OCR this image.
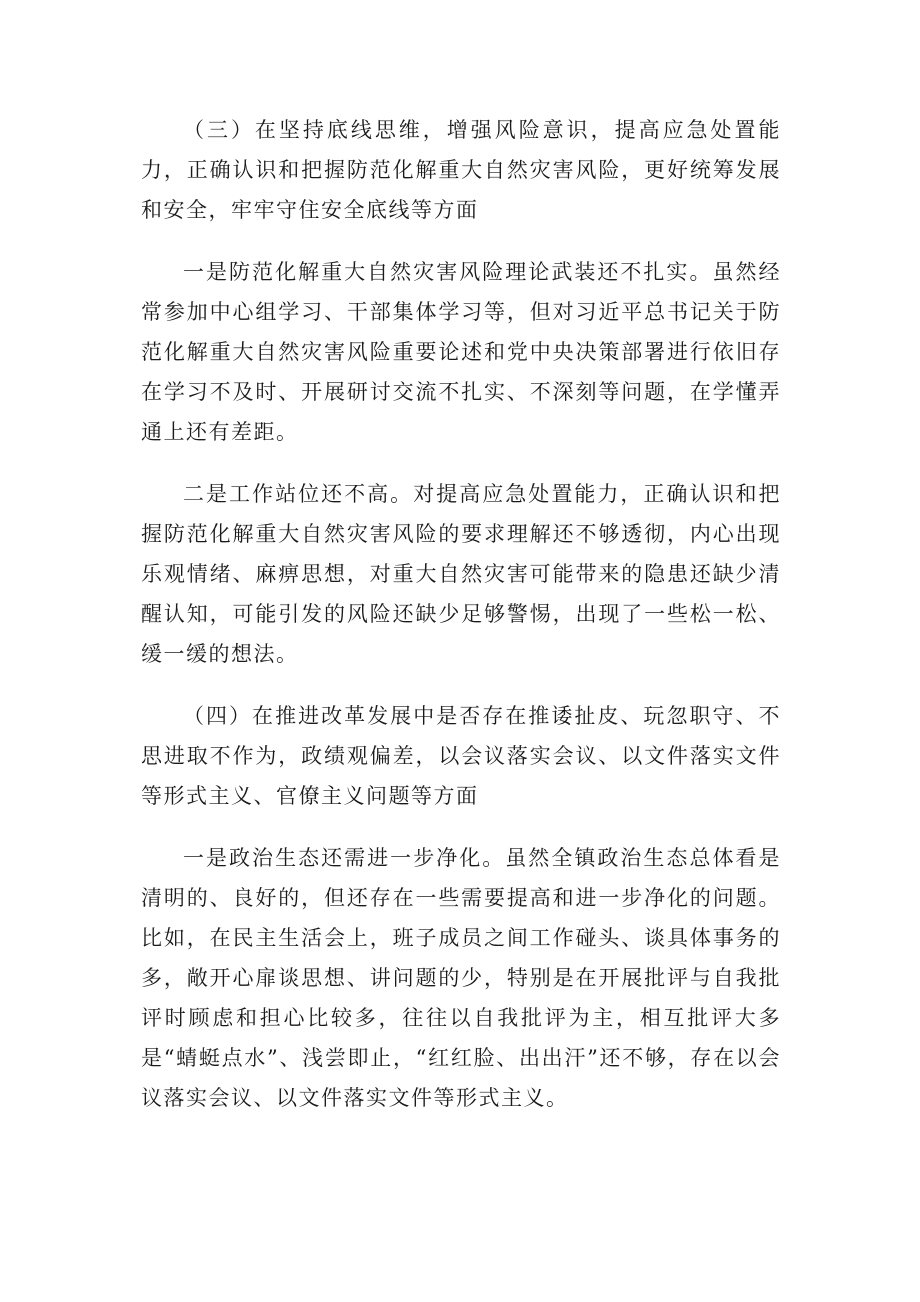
（三）在坚持底线思维，增强风险意识，提高应急处置能力，正确认识和把握防范化解重大自然灾害风险，更好统筹发展和安全，牢牢守住安全底线等方面

一是防范化解重大自然灾害风险理论武装还不扎实。虽然经常参加中心组学习、干部集体学习等，但对习近平总书记关于防范化解重大自然灾害风险重要论述和党中央决策部署进行依旧存在学习不及时、开展研讨交流不扎实、不深刻等问题，在学懂弄通上还有差距。

二是工作站位还不高。对提高应急处置能力，正确认识和把握防范化解重大自然灾害风险的要求理解还不够透彻，内心出现乐观情绪、麻痹思想，对重大自然灾害可能带来的隐患还缺少清醒认知，可能引发的风险还缺少足够警惕，出现了一些松一松、缓一缓的想法。

（四）在推进改革发展中是否存在推诿扯皮、玩忽职守、不思进取不作为，政绩观偏差，以会议落实会议、以文件落实文件等形式主义、官僚主义问题等方面

一是政治生态还需进一步净化。虽然全镇政治生态总体看是清明的、良好的，但还存在一些需要提高和进一步净化的问题。比如，在民主生活会上，班子成员之间工作碰头、谈具体事务的多，敞开心扉谈思想、讲问题的少，特别是在开展批评与自我批评时顾虑和担心比较多，往往以自我批评为主，相互批评大多是“蜻蜓点水”、浅尝即止，“红红脸、出出汗”还不够，存在以会议落实会议、以文件落实文件等形式主义。
